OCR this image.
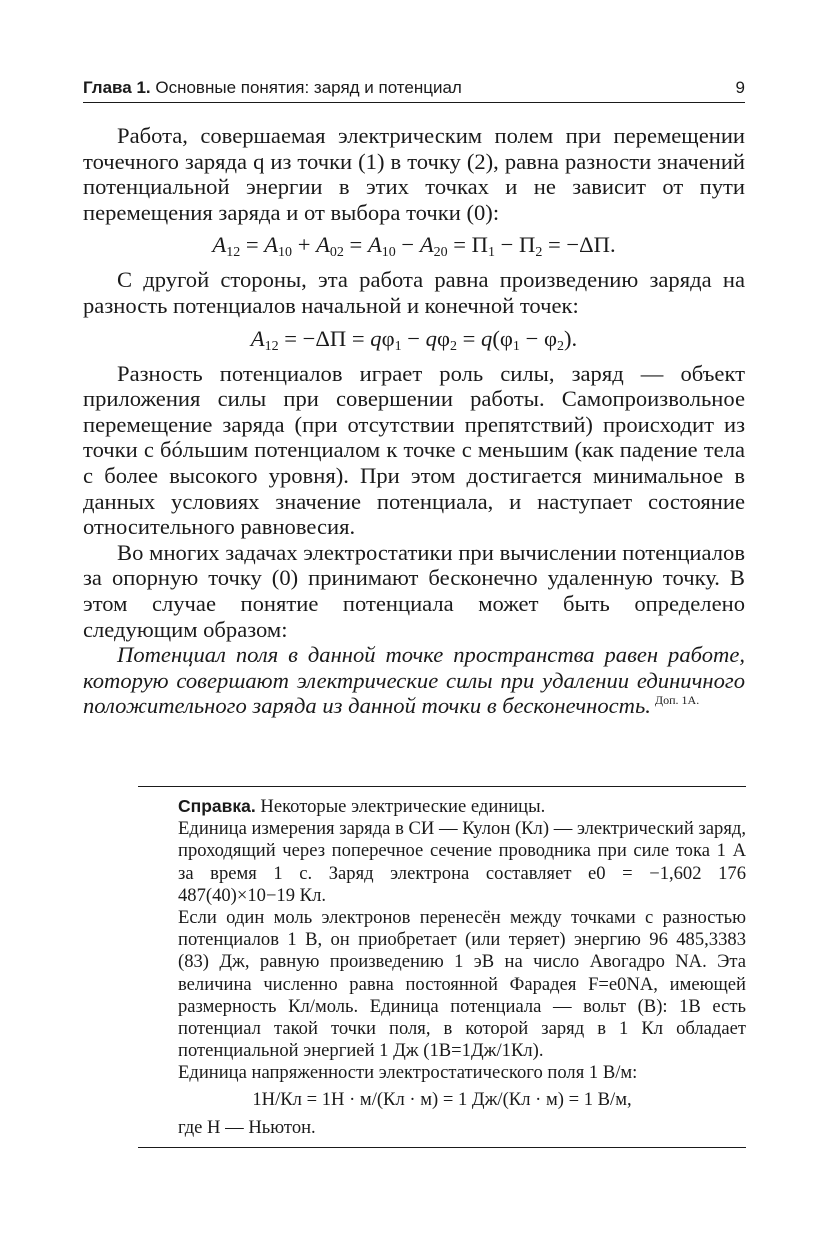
Глава 1. Основные понятия: заряд и потенциал	9

Работа, совершаемая электрическим полем при перемещении точечного заряда q из точки (1) в точку (2), равна разности значений потенциальной энергии в этих точках и не зависит от пути перемещения заряда и от выбора точки (0):

$A_{12} = A_{10} + A_{02} = A_{10} - A_{20} = П_1 - П_2 = -\Delta П$.

С другой стороны, эта работа равна произведению заряда на разность потенциалов начальной и конечной точек:

$A_{12} = -\Delta П = q\varphi_1 - q\varphi_2 = q(\varphi_1 - \varphi_2)$.

Разность потенциалов играет роль силы, заряд — объект приложения силы при совершении работы. Самопроизвольное перемещение заряда (при отсутствии препятствий) происходит из точки с бóльшим потенциалом к точке с меньшим (как падение тела с более высокого уровня). При этом достигается минимальное в данных условиях значение потенциала, и наступает состояние относительного равновесия.

Во многих задачах электростатики при вычислении потенциалов за опорную точку (0) принимают бесконечно удаленную точку. В этом случае понятие потенциала может быть определено следующим образом:

Потенциал поля в данной точке пространства равен работе, которую совершают электрические силы при удалении единичного положительного заряда из данной точки в бесконечность. $^{Доп. 1А.}$

Справка. Некоторые электрические единицы.

Единица измерения заряда в СИ — Кулон (Кл) — электрический заряд, проходящий через поперечное сечение проводника при силе тока 1 А за время 1 с. Заряд электрона составляет e0 = −1,602 176 487(40)×10−19 Кл.

Если один моль электронов перенесён между точками с разностью потенциалов 1 В, он приобретает (или теряет) энергию 96 485,3383 (83) Дж, равную произведению 1 эВ на число Авогадро NA. Эта величина численно равна постоянной Фарадея F=e0NA, имеющей размерность Кл/моль. Единица потенциала — вольт (В): 1В есть потенциал такой точки поля, в которой заряд в 1 Кл обладает потенциальной энергией 1 Дж (1В=1Дж/1Кл).

Единица напряженности электростатического поля 1 В/м:

1Н/Кл = 1Н · м/(Кл · м) = 1 Дж/(Кл · м) = 1 В/м,

где Н — Ньютон.
